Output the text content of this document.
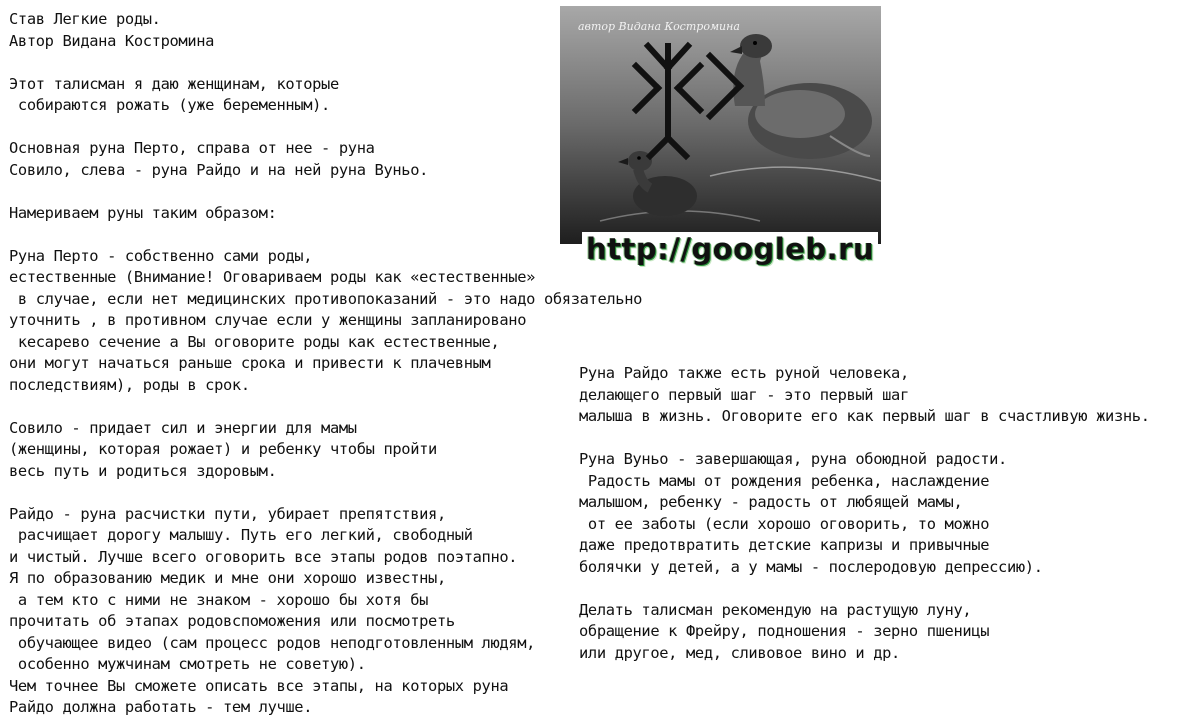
Став Легкие роды.
Автор Видана Костромина
Этот талисман я даю женщинам, которые
собираются рожать (уже беременным).
Основная руна Перто, справа от нее - руна
Совило, слева - руна Райдо и на ней руна Вуньо.
Намериваем руны таким образом:
Руна Перто - собственно сами роды,
естественные (Внимание! Оговариваем роды как «естественные»
в случае, если нет медицинских противопоказаний - это надо обязательно
уточнить , в противном случае если у женщины запланировано
кесарево сечение а Вы оговорите роды как естественные,
они могут начаться раньше срока и привести к плачевным
последствиям), роды в срок.
Совило - придает сил и энергии для мамы
(женщины, которая рожает) и ребенку чтобы пройти
весь путь и родиться здоровым.
Райдо - руна расчистки пути, убирает препятствия,
расчищает дорогу малышу. Путь его легкий, свободный
и чистый. Лучше всего оговорить все этапы родов поэтапно.
Я по образованию медик и мне они хорошо известны,
а тем кто с ними не знаком - хорошо бы хотя бы
прочитать об этапах родовспоможения или посмотреть
обучающее видео (сам процесс родов неподготовленным людям,
особенно мужчинам смотреть не советую).
Чем точнее Вы сможете описать все этапы, на которых руна
Райдо должна работать - тем лучше.
Руна Райдо также есть руной человека,
делающего первый шаг - это первый шаг
малыша в жизнь. Оговорите его как первый шаг в счастливую жизнь.
Руна Вуньо - завершающая, руна обоюдной радости.
Радость мамы от рождения ребенка, наслаждение
малышом, ребенку - радость от любящей мамы,
от ее заботы (если хорошо оговорить, то можно
даже предотвратить детские капризы и привычные
болячки у детей, а у мамы - послеродовую депрессию).
Делать талисман рекомендую на растущую луну,
обращение к Фрейру, подношения - зерно пшеницы
или другое, мед, сливовое вино и др.
автор Видана Костромина
http://googleb.ru
